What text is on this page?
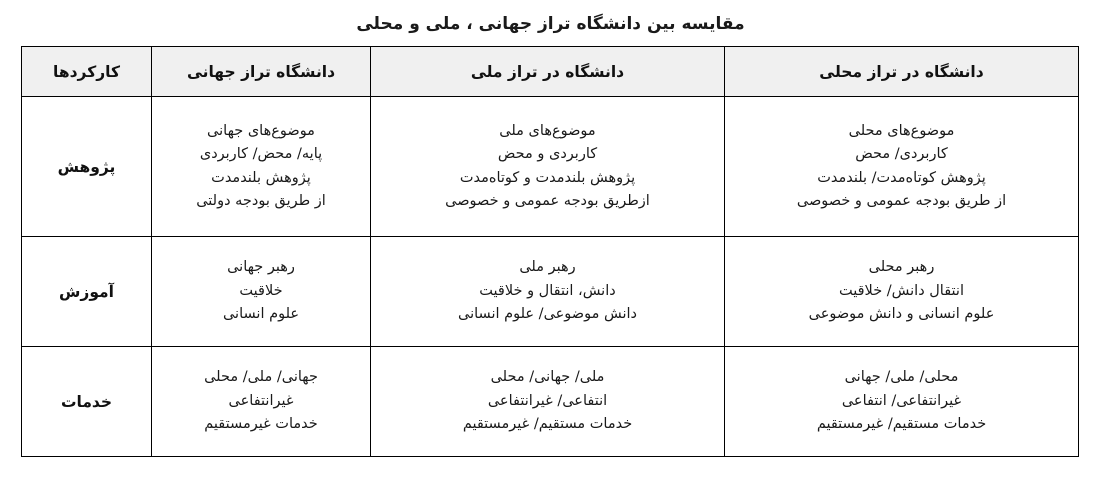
مقایسه بین دانشگاه تراز جهانی ، ملی و محلی
دانشگاه در تراز محلی	دانشگاه در تراز ملی	دانشگاه تراز جهانی	کارکردها

موضوع‌های محلی
کاربردی/ محض
پژوهش کوتاه‌مدت/ بلندمدت
از طریق بودجه عمومی و خصوصی	موضوع‌های ملی
کاربردی و محض
پژوهش بلندمدت و کوتاه‌مدت
ازطریق بودجه عمومی و خصوصی	موضوع‌های جهانی
پایه/ محض/ کاربردی
پژوهش بلندمدت
از طریق بودجه دولتی	پژوهش

رهبر محلی
انتقال دانش/ خلاقیت
علوم انسانی و دانش موضوعی	رهبر ملی
دانش، انتقال و خلاقیت
دانش موضوعی/ علوم انسانی	رهبر جهانی
خلاقیت
علوم انسانی	آموزش

محلی/ ملی/ جهانی
غیرانتفاعی/ انتفاعی
خدمات مستقیم/ غیرمستقیم	ملی/ جهانی/ محلی
انتفاعی/ غیرانتفاعی
خدمات مستقیم/ غیرمستقیم	جهانی/ ملی/ محلی
غیرانتفاعی
خدمات غیرمستقیم	خدمات
